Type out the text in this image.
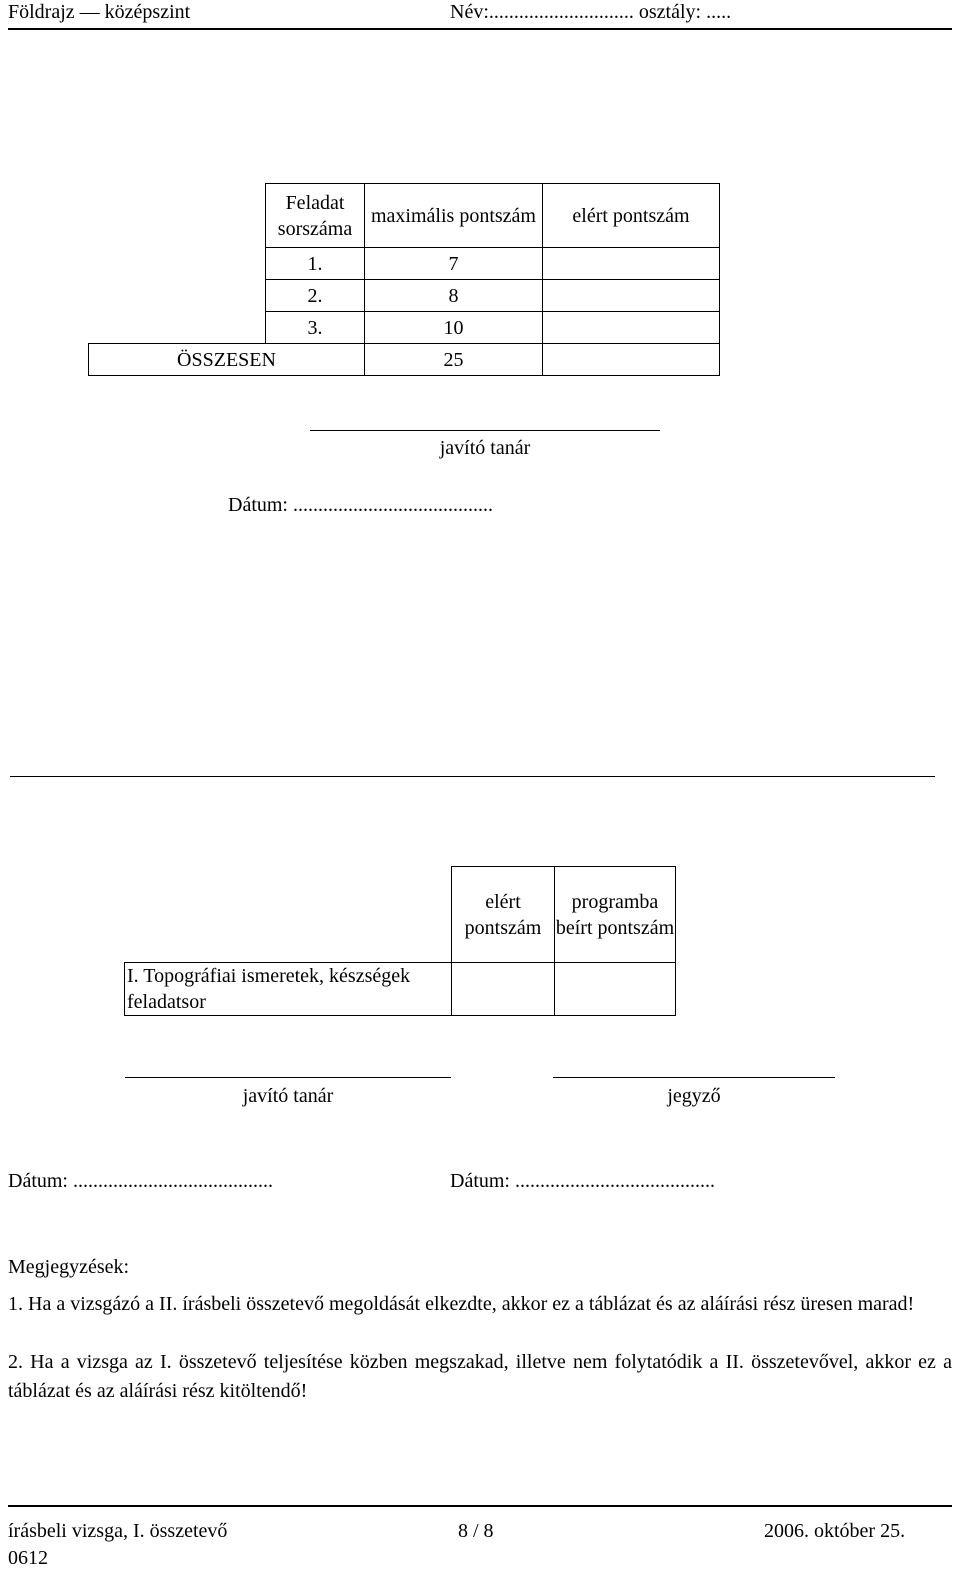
Földrajz — középszint	Név:............................. osztály: .....
	Feladat sorszáma	maximális pontszám	elért pontszám
	1.	7	
	2.	8	
	3.	10	
ÖSSZESEN		25	
javító tanár
Dátum: ........................................
	elért pontszám	programba beírt pontszám
I. Topográfiai ismeretek, készségek feladatsor		
javító tanár	jegyző
Dátum: ........................................	Dátum: ........................................
Megjegyzések:
1. Ha a vizsgázó a II. írásbeli összetevő megoldását elkezdte, akkor ez a táblázat és az aláírási rész üresen marad!
2. Ha a vizsga az I. összetevő teljesítése közben megszakad, illetve nem folytatódik a II. összetevővel, akkor ez a táblázat és az aláírási rész kitöltendő!
írásbeli vizsga, I. összetevő	8 / 8	2006. október 25.
0612
